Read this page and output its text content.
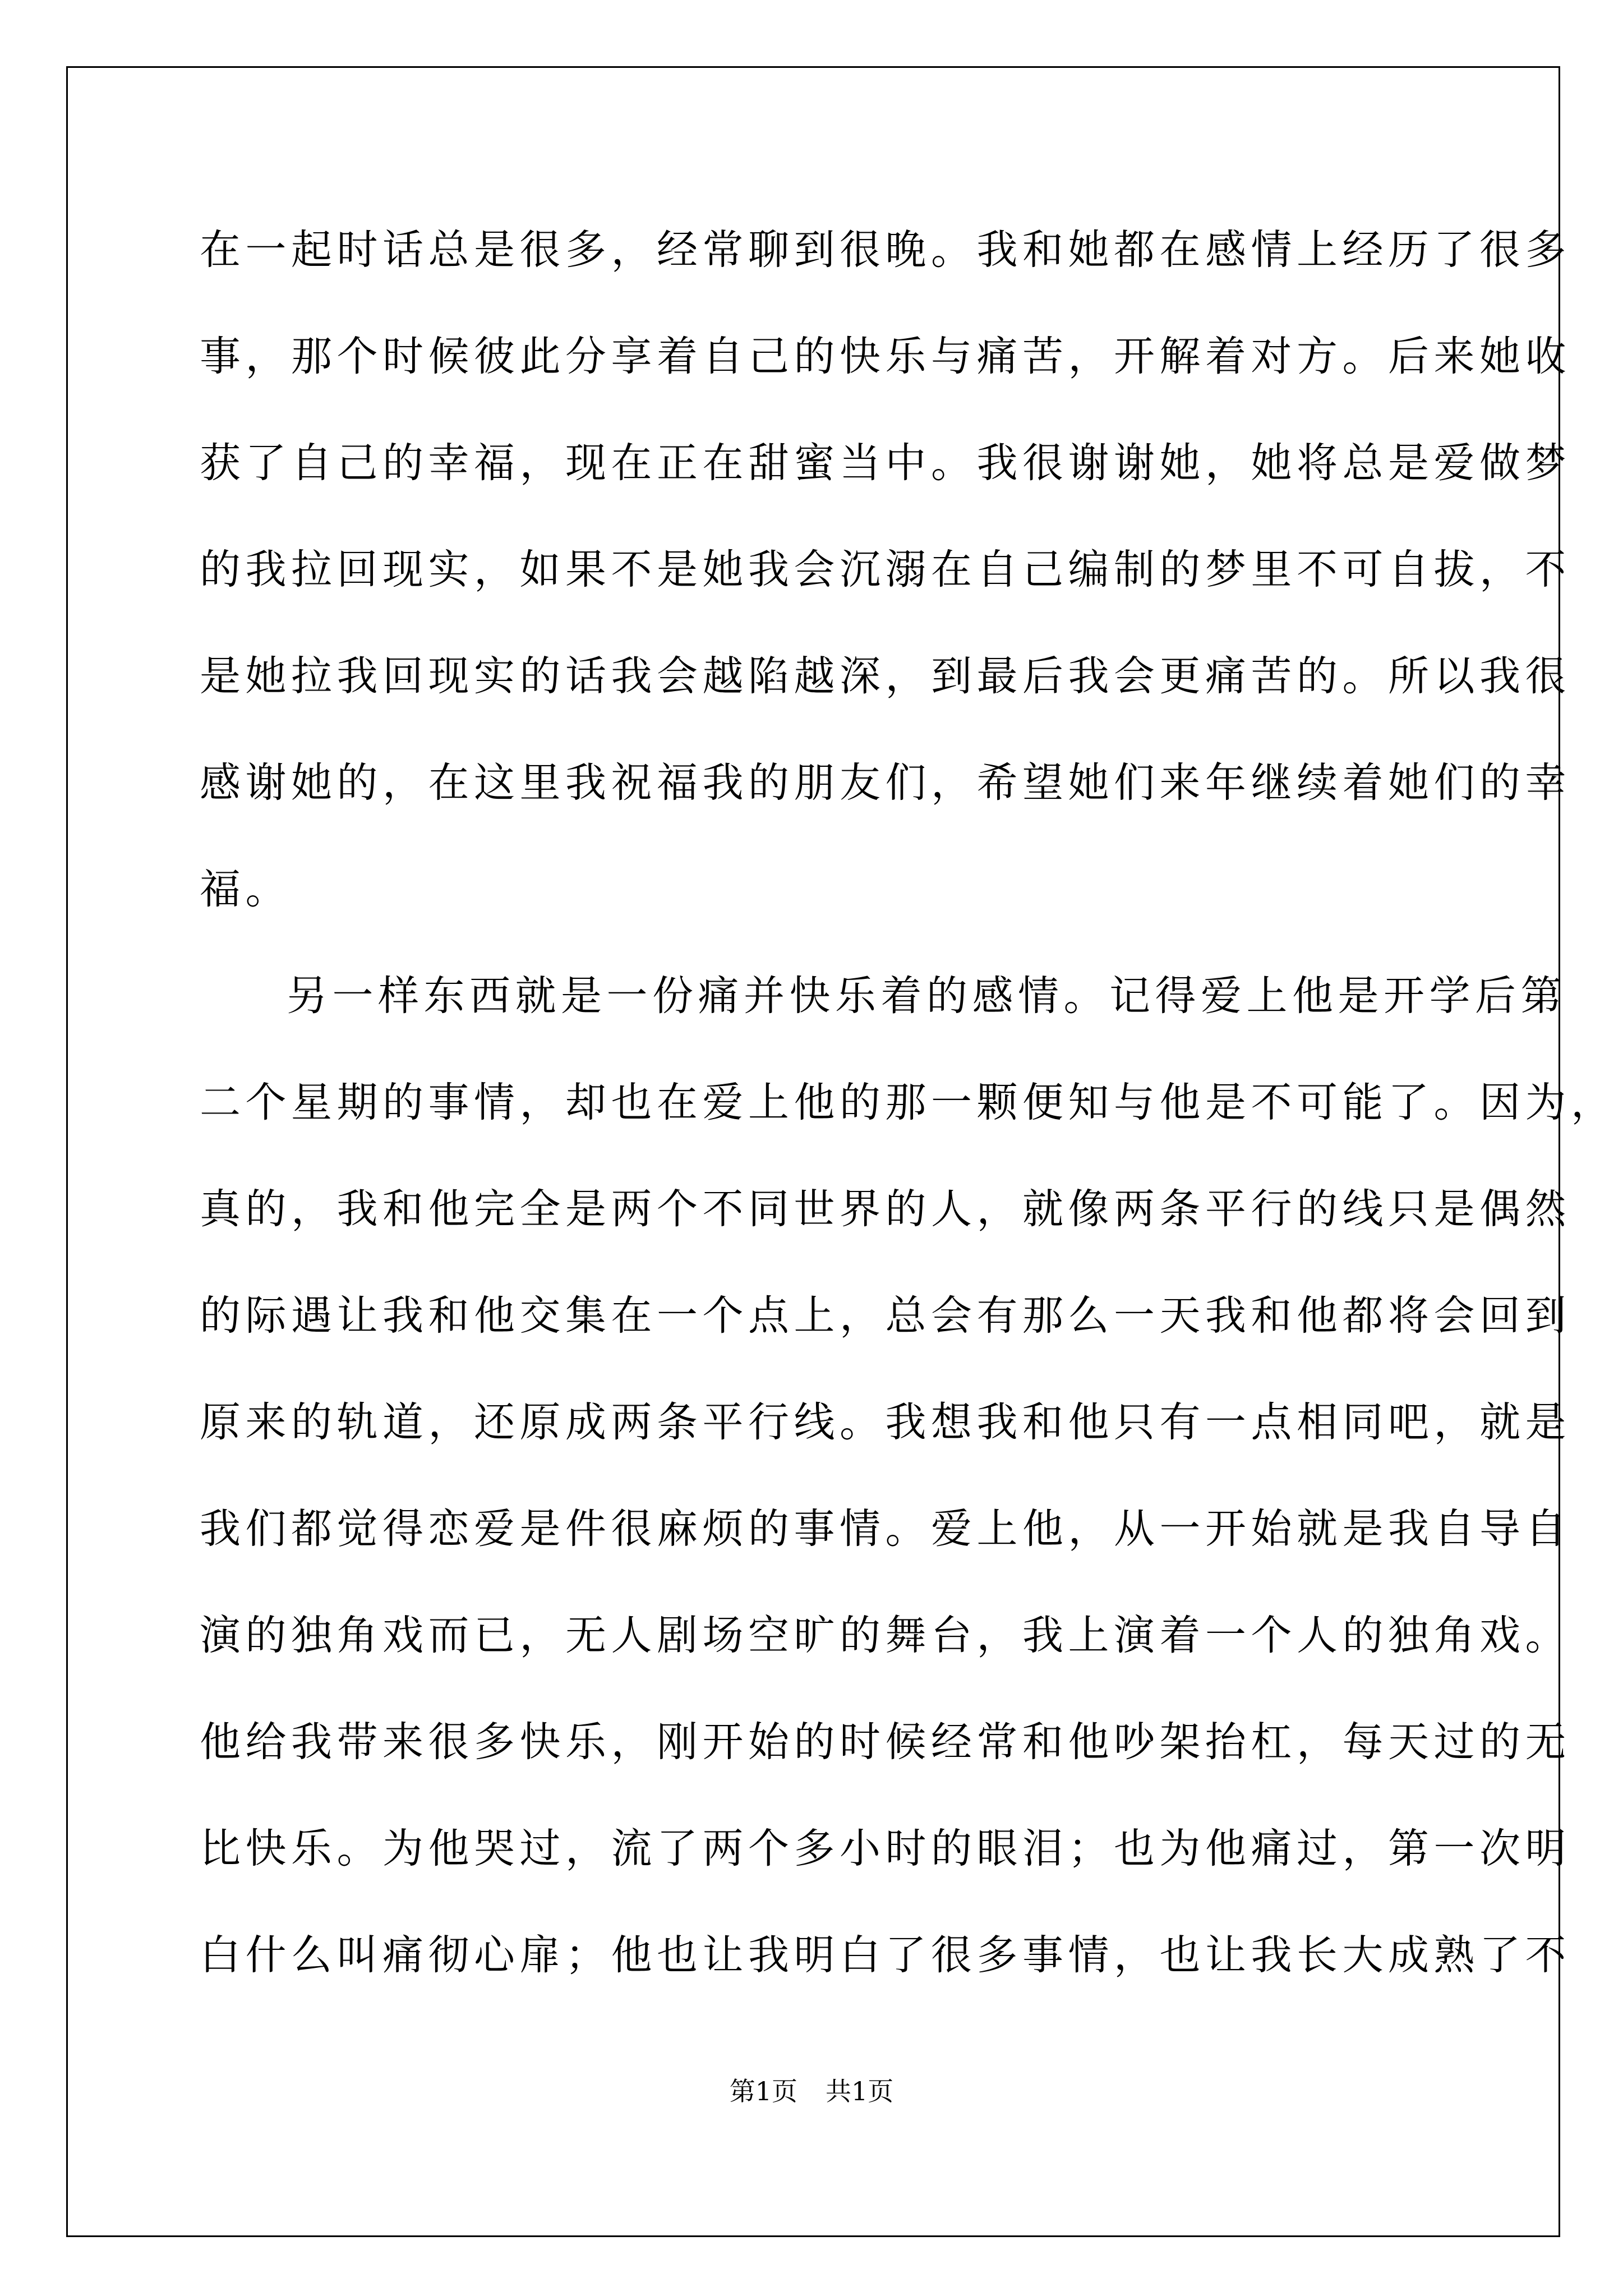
在一起时话总是很多，经常聊到很晚。我和她都在感情上经历了很多
事，那个时候彼此分享着自己的快乐与痛苦，开解着对方。后来她收
获了自己的幸福，现在正在甜蜜当中。我很谢谢她，她将总是爱做梦
的我拉回现实，如果不是她我会沉溺在自己编制的梦里不可自拔，不
是她拉我回现实的话我会越陷越深，到最后我会更痛苦的。所以我很
感谢她的，在这里我祝福我的朋友们，希望她们来年继续着她们的幸
福。
另一样东西就是一份痛并快乐着的感情。记得爱上他是开学后第
二个星期的事情，却也在爱上他的那一颗便知与他是不可能了。因为，
真的，我和他完全是两个不同世界的人，就像两条平行的线只是偶然
的际遇让我和他交集在一个点上，总会有那么一天我和他都将会回到
原来的轨道，还原成两条平行线。我想我和他只有一点相同吧，就是
我们都觉得恋爱是件很麻烦的事情。爱上他，从一开始就是我自导自
演的独角戏而已，无人剧场空旷的舞台，我上演着一个人的独角戏。
他给我带来很多快乐，刚开始的时候经常和他吵架抬杠，每天过的无
比快乐。为他哭过，流了两个多小时的眼泪；也为他痛过，第一次明
白什么叫痛彻心扉；他也让我明白了很多事情，也让我长大成熟了不
第1页 共1页
